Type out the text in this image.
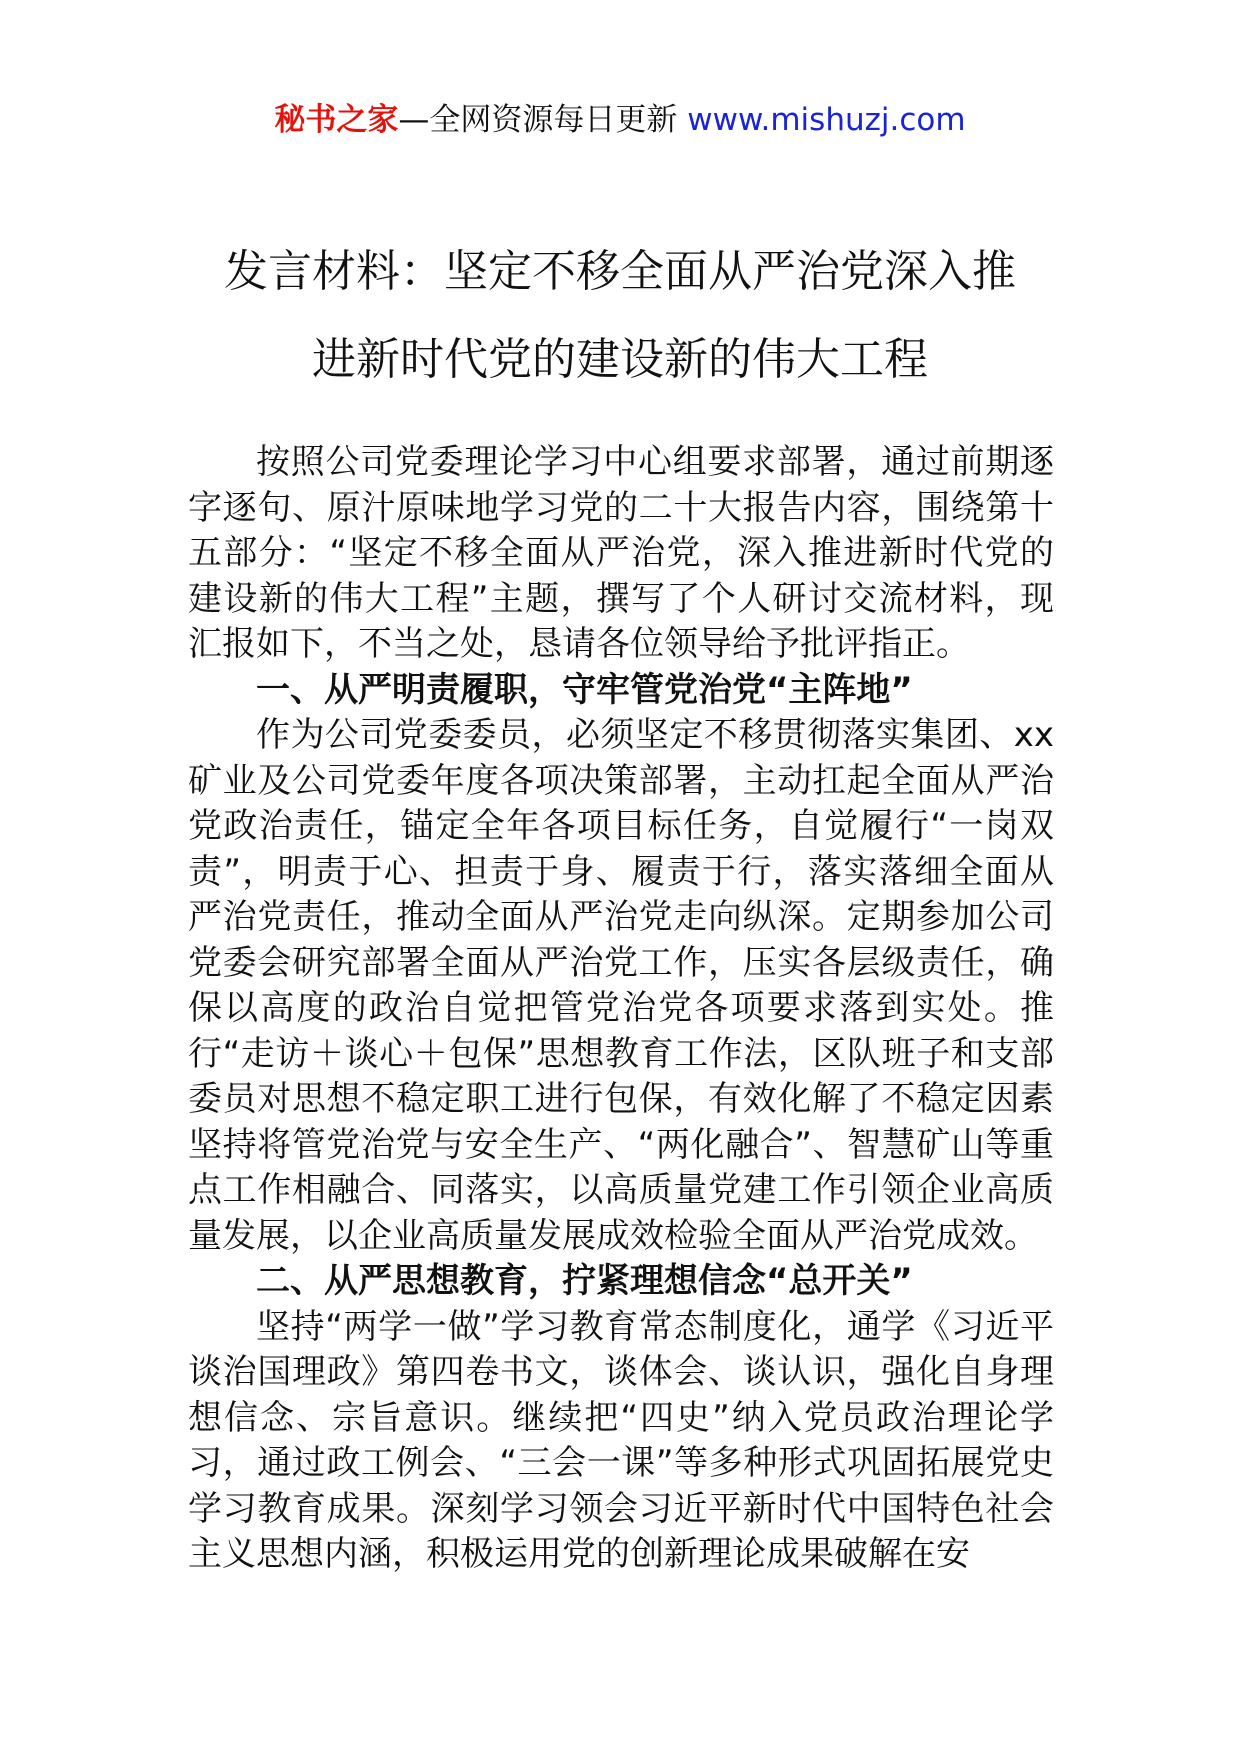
秘书之家—全网资源每日更新 www.mishuzj.com
发言材料：坚定不移全面从严治党深入推
进新时代党的建设新的伟大工程

按照公司党委理论学习中心组要求部署，通过前期逐字逐句、原汁原味地学习党的二十大报告内容，围绕第十五部分：“坚定不移全面从严治党，深入推进新时代党的建设新的伟大工程”主题，撰写了个人研讨交流材料，现汇报如下，不当之处，恳请各位领导给予批评指正。

一、从严明责履职，守牢管党治党“主阵地”

作为公司党委委员，必须坚定不移贯彻落实集团、xx矿业及公司党委年度各项决策部署，主动扛起全面从严治党政治责任，锚定全年各项目标任务，自觉履行“一岗双责”，明责于心、担责于身、履责于行，落实落细全面从严治党责任，推动全面从严治党走向纵深。定期参加公司党委会研究部署全面从严治党工作，压实各层级责任，确保以高度的政治自觉把管党治党各项要求落到实处。推行“走访＋谈心＋包保”思想教育工作法，区队班子和支部委员对思想不稳定职工进行包保，有效化解了不稳定因素坚持将管党治党与安全生产、“两化融合”、智慧矿山等重点工作相融合、同落实，以高质量党建工作引领企业高质量发展，以企业高质量发展成效检验全面从严治党成效。

二、从严思想教育，拧紧理想信念“总开关”

坚持“两学一做”学习教育常态制度化，通学《习近平谈治国理政》第四卷书文，谈体会、谈认识，强化自身理想信念、宗旨意识。继续把“四史”纳入党员政治理论学习，通过政工例会、“三会一课”等多种形式巩固拓展党史学习教育成果。深刻学习领会习近平新时代中国特色社会主义思想内涵，积极运用党的创新理论成果破解在安
